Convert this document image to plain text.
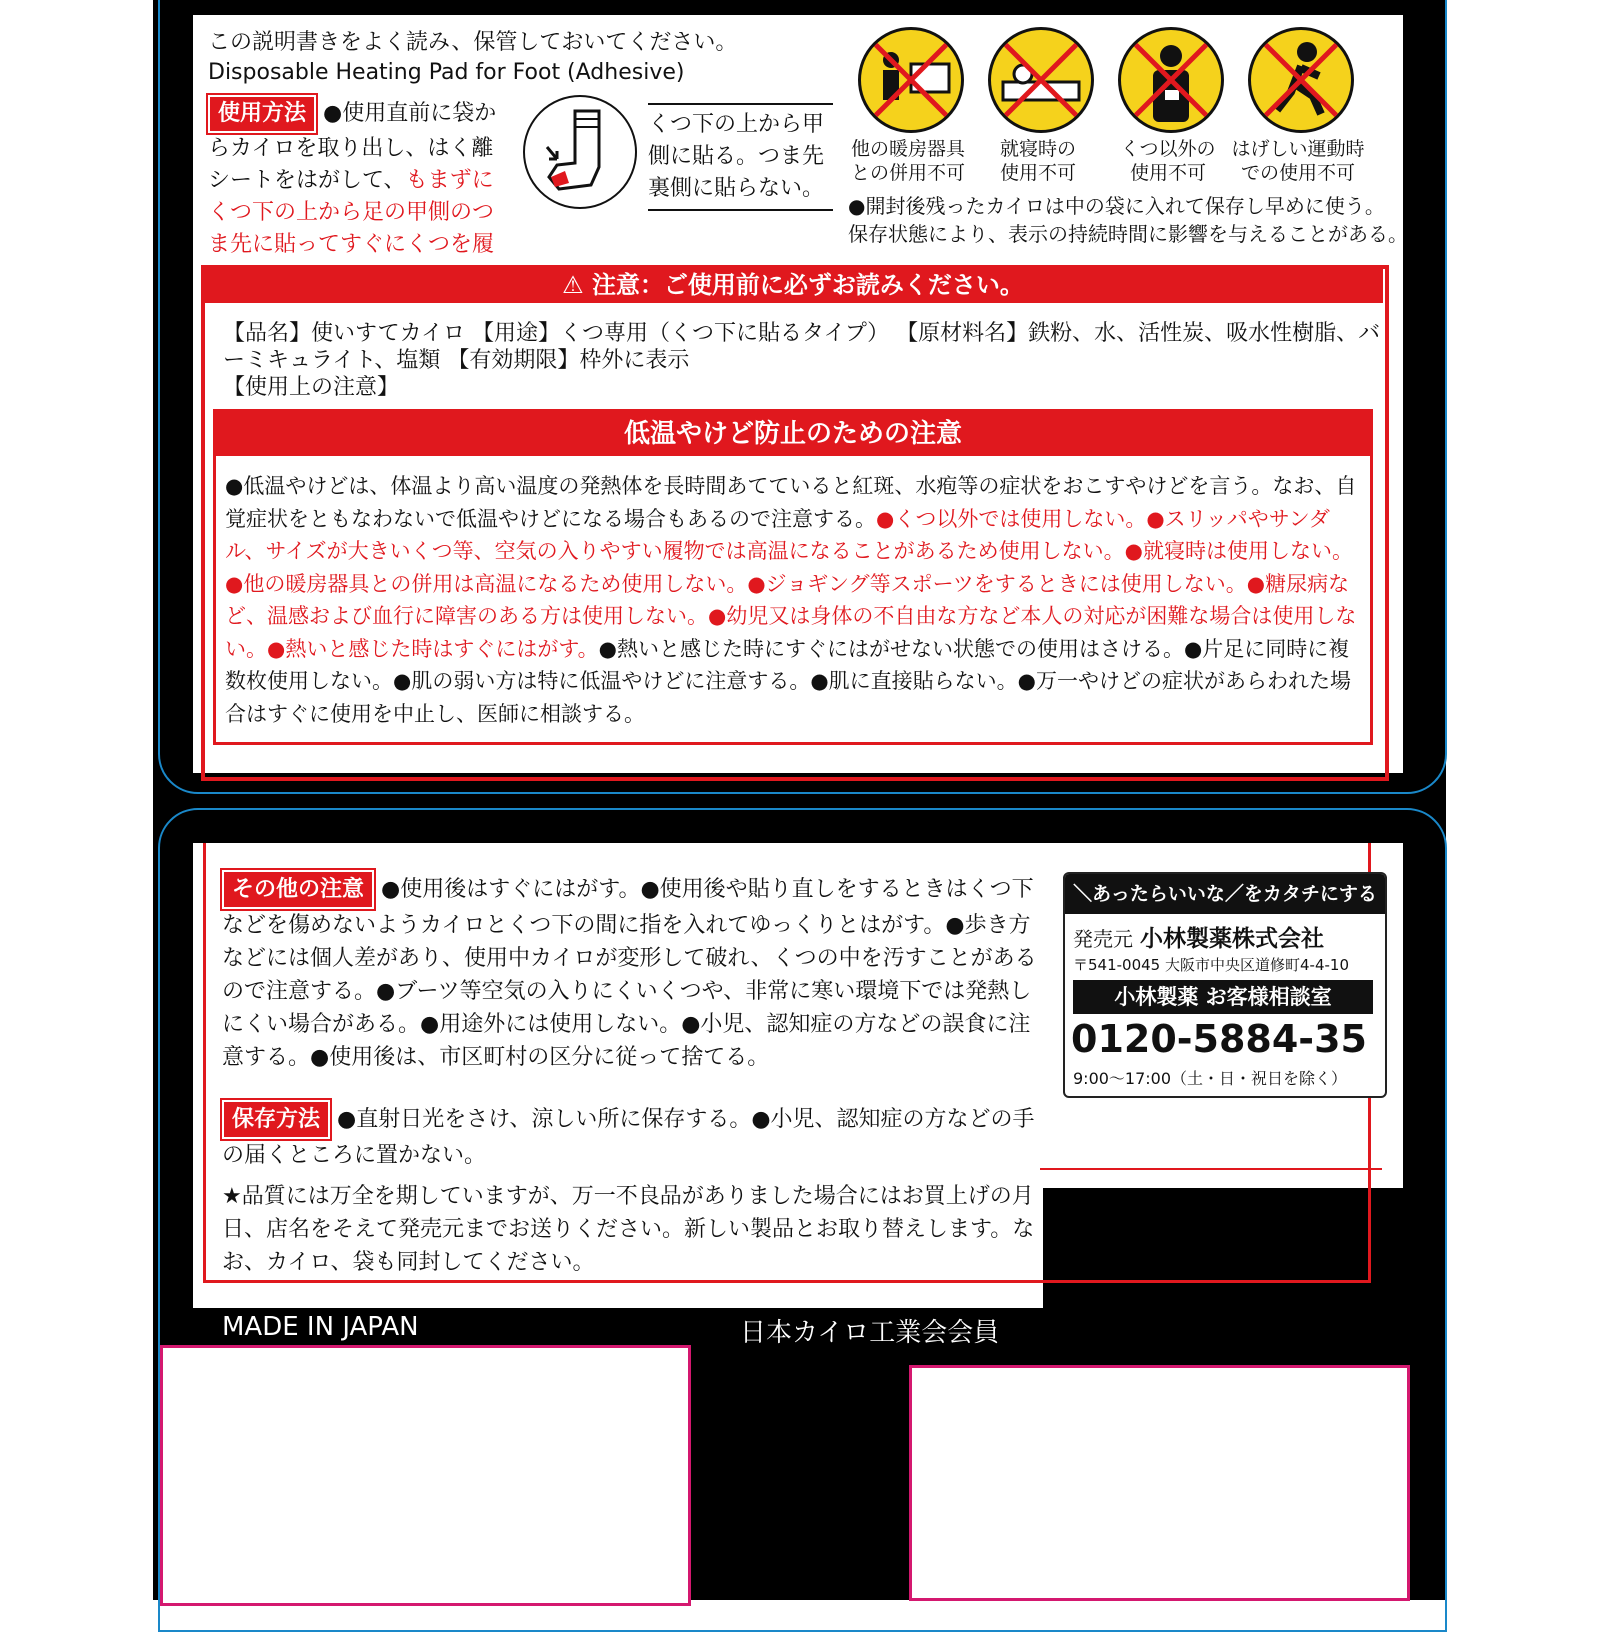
この説明書きをよく読み、保管しておいてください。
Disposable Heating Pad for Foot (Adhesive)
使用方法 ●使用直前に袋からカイロを取り出し、はく離シートをはがして、もまずにくつ下の上から足の甲側のつま先に貼ってすぐにくつを履
くつ下の上から甲側に貼る。つま先裏側に貼らない。
他の暖房器具
との併用不可
就寝時の
使用不可
くつ以外の
使用不可
はげしい運動時
での使用不可
●開封後残ったカイロは中の袋に入れて保存し早めに使う。
保存状態により、表示の持続時間に影響を与えることがある。
⚠ 注意：ご使用前に必ずお読みください。
【品名】使いすてカイロ 【用途】くつ専用（くつ下に貼るタイプ） 【原材料名】鉄粉、水、活性炭、吸水性樹脂、バ
ーミキュライト、塩類 【有効期限】枠外に表示
【使用上の注意】
低温やけど防止のための注意
●低温やけどは、体温より高い温度の発熱体を長時間あてていると紅斑、水疱等の症状をおこすやけどを言う。なお、自覚症状をともなわないで低温やけどになる場合もあるので注意する。●くつ以外では使用しない。●スリッパやサンダル、サイズが大きいくつ等、空気の入りやすい履物では高温になることがあるため使用しない。●就寝時は使用しない。●他の暖房器具との併用は高温になるため使用しない。●ジョギング等スポーツをするときには使用しない。●糖尿病など、温感および血行に障害のある方は使用しない。●幼児又は身体の不自由な方など本人の対応が困難な場合は使用しない。●熱いと感じた時はすぐにはがす。●熱いと感じた時にすぐにはがせない状態での使用はさける。●片足に同時に複数枚使用しない。●肌の弱い方は特に低温やけどに注意する。●肌に直接貼らない。●万一やけどの症状があらわれた場合はすぐに使用を中止し、医師に相談する。
その他の注意 ●使用後はすぐにはがす。●使用後や貼り直しをするときはくつ下などを傷めないようカイロとくつ下の間に指を入れてゆっくりとはがす。●歩き方などには個人差があり、使用中カイロが変形して破れ、くつの中を汚すことがあるので注意する。●ブーツ等空気の入りにくいくつや、非常に寒い環境下では発熱しにくい場合がある。●用途外には使用しない。●小児、認知症の方などの誤食に注意する。●使用後は、市区町村の区分に従って捨てる。
保存方法 ●直射日光をさけ、涼しい所に保存する。●小児、認知症の方などの手の届くところに置かない。
★品質には万全を期していますが、万一不良品がありました場合にはお買上げの月日、店名をそえて発売元までお送りください。新しい製品とお取り替えします。なお、カイロ、袋も同封してください。
＼あったらいいな／をカタチにする
発売元 小林製薬株式会社
〒541-0045 大阪市中央区道修町4-4-10
小林製薬 お客様相談室
0120-5884-35
9:00〜17:00（土・日・祝日を除く）
MADE IN JAPAN	日本カイロ工業会会員
